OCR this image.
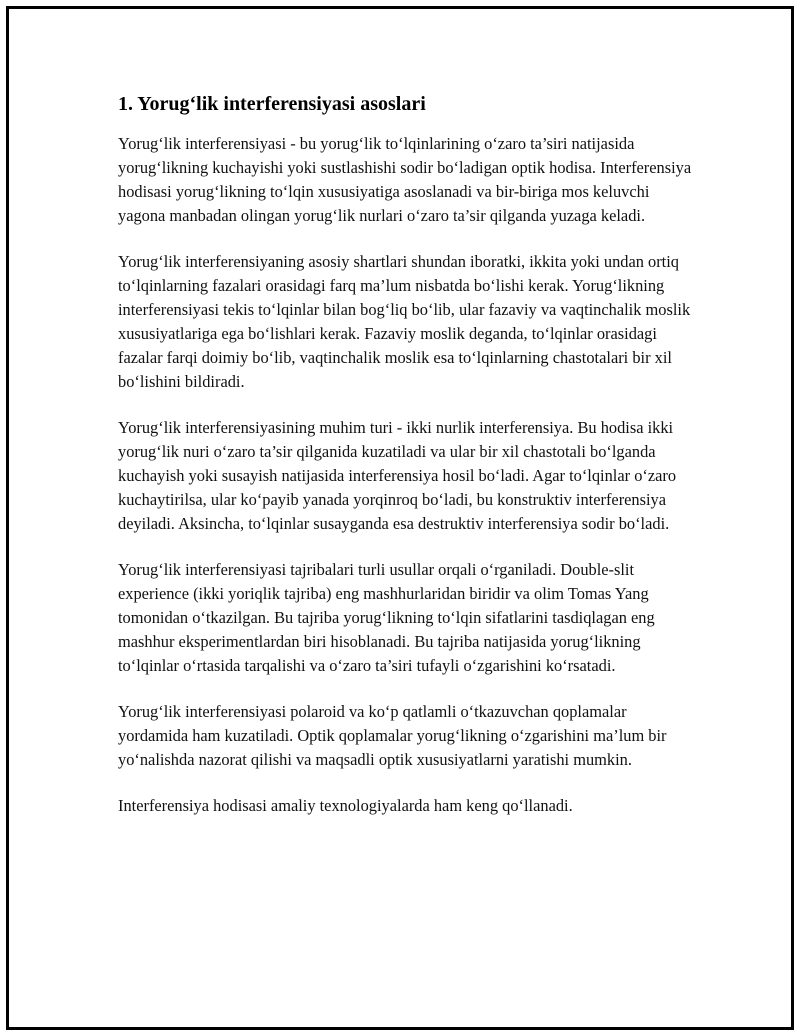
1. Yorug‘lik interferensiyasi asoslari

Yorug‘lik interferensiyasi - bu yorug‘lik to‘lqinlarining o‘zaro ta’siri natijasida yorug‘likning kuchayishi yoki sustlashishi sodir bo‘ladigan optik hodisa. Interferensiya hodisasi yorug‘likning to‘lqin xususiyatiga asoslanadi va bir-biriga mos keluvchi yagona manbadan olingan yorug‘lik nurlari o‘zaro ta’sir qilganda yuzaga keladi.

Yorug‘lik interferensiyaning asosiy shartlari shundan iboratki, ikkita yoki undan ortiq to‘lqinlarning fazalari orasidagi farq ma’lum nisbatda bo‘lishi kerak. Yorug‘likning interferensiyasi tekis to‘lqinlar bilan bog‘liq bo‘lib, ular fazaviy va vaqtinchalik moslik xususiyatlariga ega bo‘lishlari kerak. Fazaviy moslik deganda, to‘lqinlar orasidagi fazalar farqi doimiy bo‘lib, vaqtinchalik moslik esa to‘lqinlarning chastotalari bir xil bo‘lishini bildiradi.

Yorug‘lik interferensiyasining muhim turi - ikki nurlik interferensiya. Bu hodisa ikki yorug‘lik nuri o‘zaro ta’sir qilganida kuzatiladi va ular bir xil chastotali bo‘lganda kuchayish yoki susayish natijasida interferensiya hosil bo‘ladi. Agar to‘lqinlar o‘zaro kuchaytirilsa, ular ko‘payib yanada yorqinroq bo‘ladi, bu konstruktiv interferensiya deyiladi. Aksincha, to‘lqinlar susayganda esa destruktiv interferensiya sodir bo‘ladi.

Yorug‘lik interferensiyasi tajribalari turli usullar orqali o‘rganiladi. Double-slit experience (ikki yoriqlik tajriba) eng mashhurlaridan biridir va olim Tomas Yang tomonidan o‘tkazilgan. Bu tajriba yorug‘likning to‘lqin sifatlarini tasdiqlagan eng mashhur eksperimentlardan biri hisoblanadi. Bu tajriba natijasida yorug‘likning to‘lqinlar o‘rtasida tarqalishi va o‘zaro ta’siri tufayli o‘zgarishini ko‘rsatadi.

Yorug‘lik interferensiyasi polaroid va ko‘p qatlamli o‘tkazuvchan qoplamalar yordamida ham kuzatiladi. Optik qoplamalar yorug‘likning o‘zgarishini ma’lum bir yo‘nalishda nazorat qilishi va maqsadli optik xususiyatlarni yaratishi mumkin.

Interferensiya hodisasi amaliy texnologiyalarda ham keng qo‘llanadi.
